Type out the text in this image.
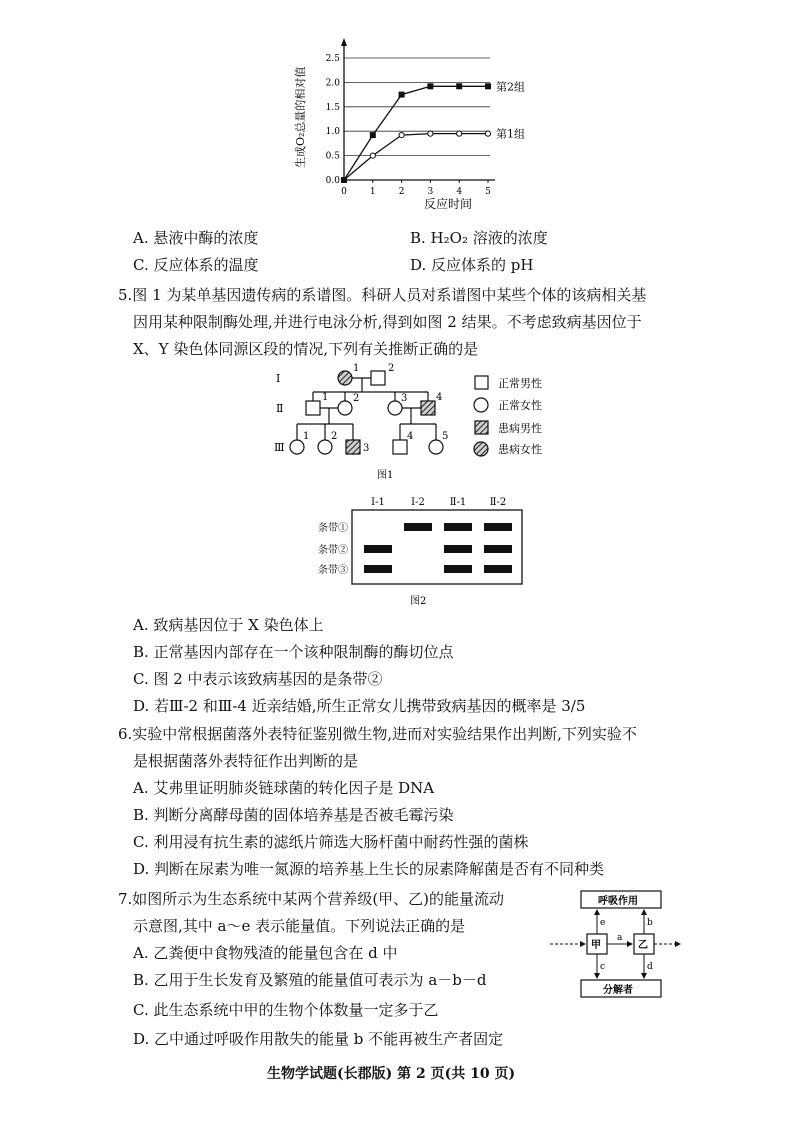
0.0
0.5
1.0
1.5
2.0
2.5
0	1	2	3	4	5
第2组
第1组
生成O₂总量的相对值
反应时间
A. 悬液中酶的浓度	B. H₂O₂ 溶液的浓度
C. 反应体系的温度	D. 反应体系的 pH
5.图 1 为某单基因遗传病的系谱图。科研人员对系谱图中某些个体的该病相关基
因用某种限制酶处理,并进行电泳分析,得到如图 2 结果。不考虑致病基因位于
X、Y 染色体同源区段的情况,下列有关推断正确的是
Ⅰ
Ⅱ
Ⅲ
1	2
1 2	3	4
1 2
3
4	5
正常男性
正常女性
患病男性
患病女性
图1
Ⅰ-1	Ⅰ-2 Ⅱ-1 Ⅱ-2
条带①
条带②
条带③
图2
A. 致病基因位于 X 染色体上
B. 正常基因内部存在一个该种限制酶的酶切位点
C. 图 2 中表示该致病基因的是条带②
D. 若Ⅲ-2 和Ⅲ-4 近亲结婚,所生正常女儿携带致病基因的概率是 3/5
6.实验中常根据菌落外表特征鉴别微生物,进而对实验结果作出判断,下列实验不
是根据菌落外表特征作出判断的是
A. 艾弗里证明肺炎链球菌的转化因子是 DNA
B. 判断分离酵母菌的固体培养基是否被毛霉污染
C. 利用浸有抗生素的滤纸片筛选大肠杆菌中耐药性强的菌株
D. 判断在尿素为唯一氮源的培养基上生长的尿素降解菌是否有不同种类
7.如图所示为生态系统中某两个营养级(甲、乙)的能量流动
示意图,其中 a～e 表示能量值。下列说法正确的是
A. 乙粪便中食物残渣的能量包含在 d 中
B. 乙用于生长发育及繁殖的能量值可表示为 a－b－d
C. 此生态系统中甲的生物个体数量一定多于乙
D. 乙中通过呼吸作用散失的能量 b 不能再被生产者固定
呼吸作用
甲	乙
分解者
a
b
c	d
e
生物学试题(长郡版) 第 2 页(共 10 页)
